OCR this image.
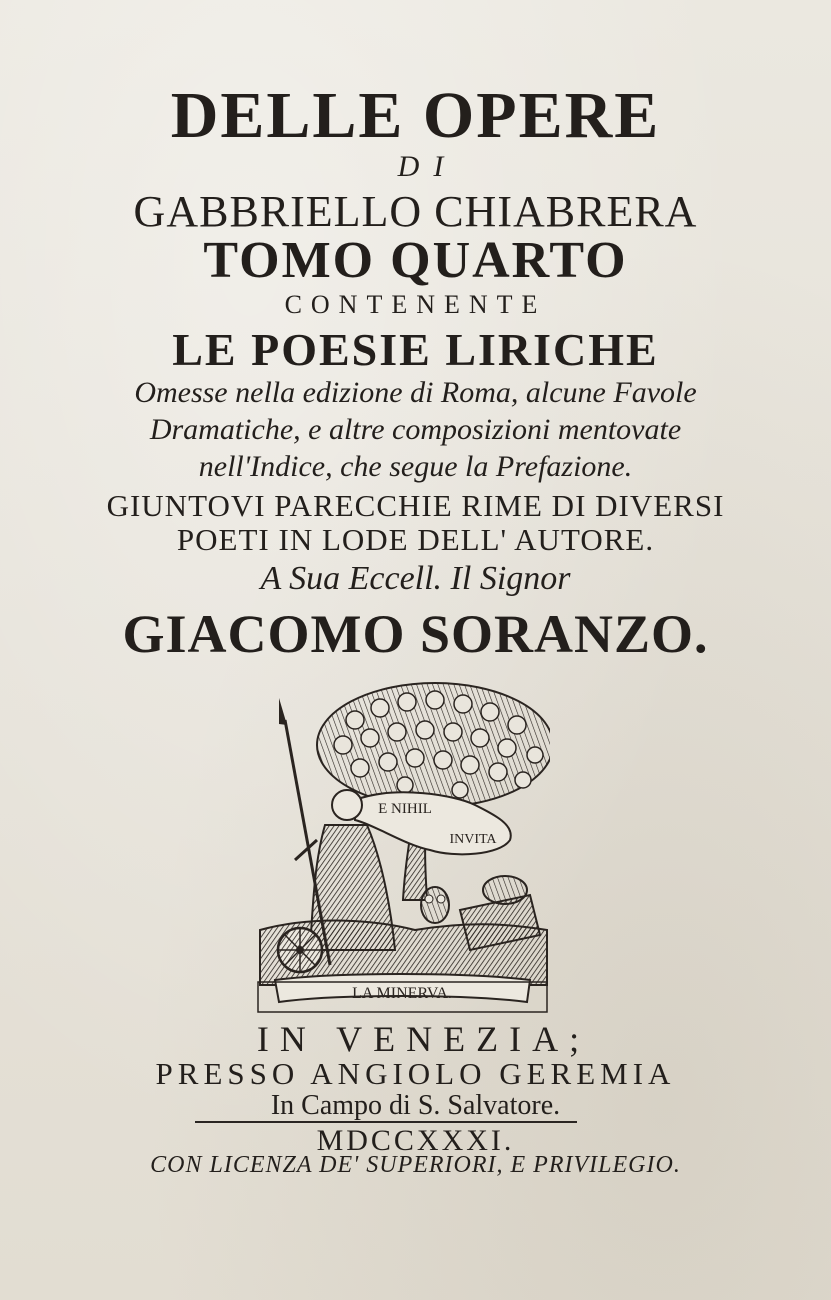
DELLE OPERE
DI
GABBRIELLO CHIABRERA
TOMO QUARTO
CONTENENTE
LE POESIE LIRICHE
Omesse nella edizione di Roma, alcune Favole
Dramatiche, e altre composizioni mentovate
nell'Indice, che segue la Prefazione.
GIUNTOVI PARECCHIE RIME DI DIVERSI
POETI IN LODE DELL' AUTORE.
A Sua Eccell. Il Signor
GIACOMO SORANZO.
E NIHIL
INVITA
LA MINERVA.
IN VENEZIA;
PRESSO ANGIOLO GEREMIA
In Campo di S. Salvatore.
MDCCXXXI.
CON LICENZA DE' SUPERIORI, E PRIVILEGIO.
